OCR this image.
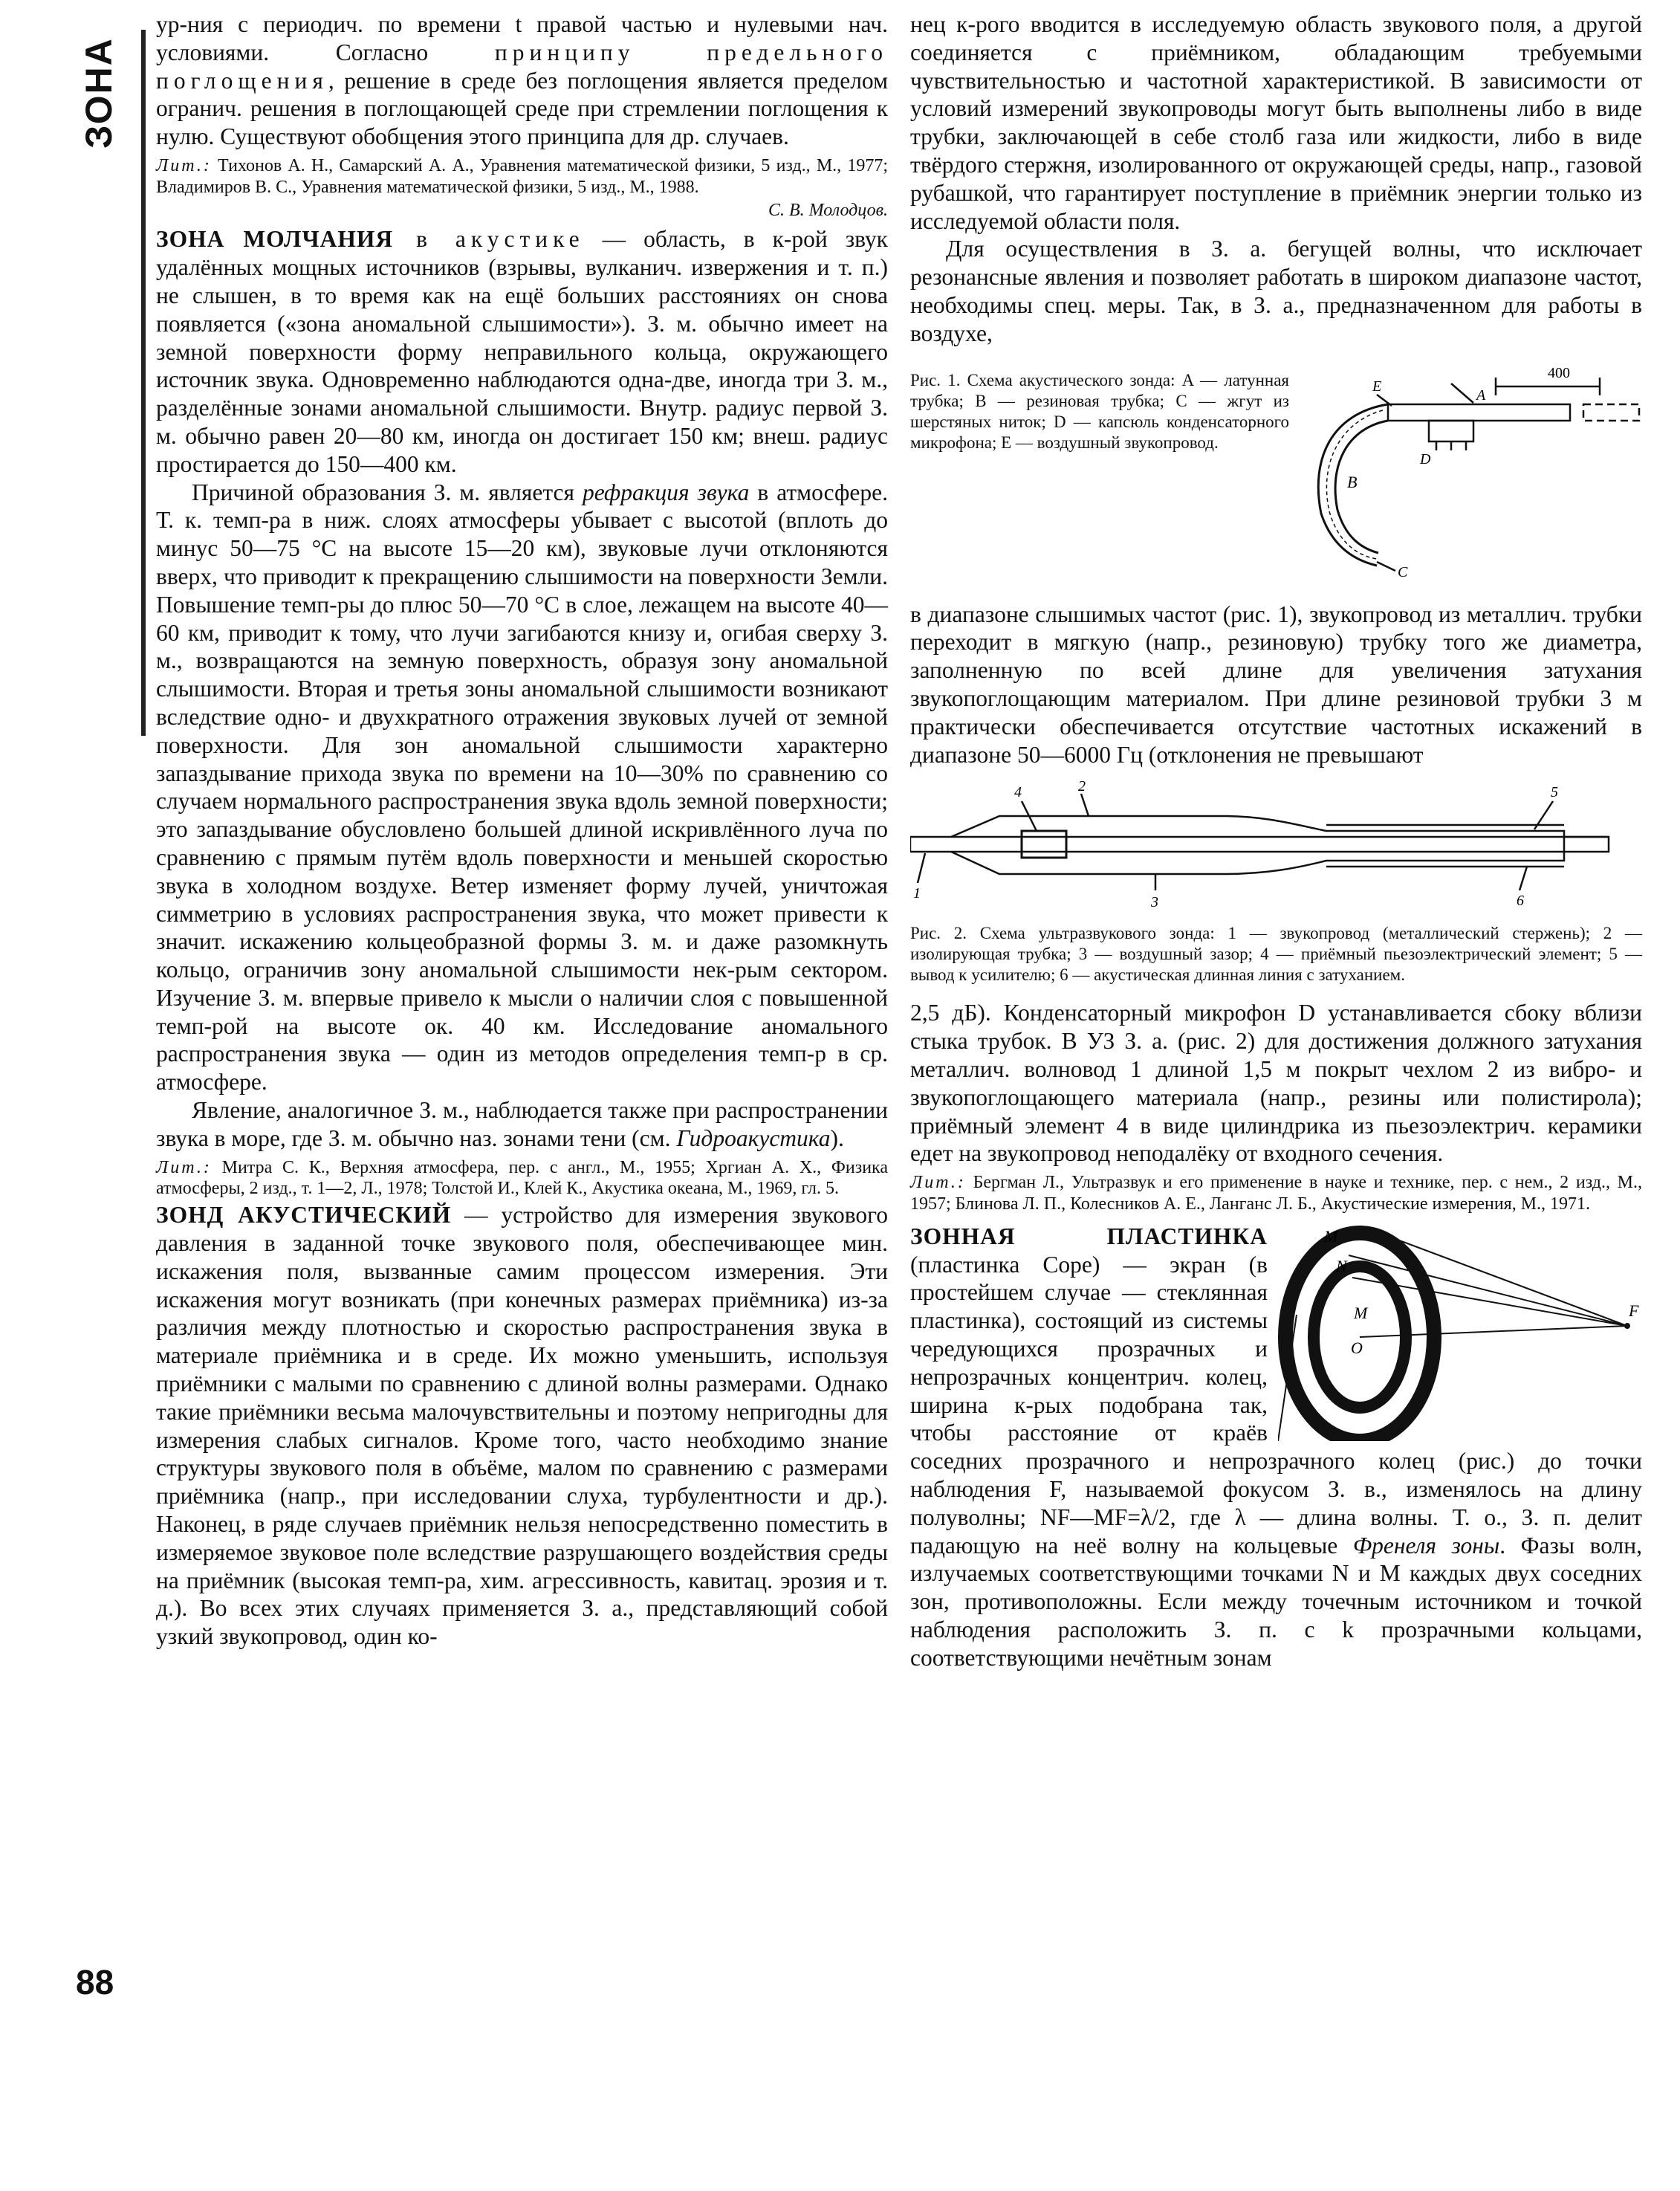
ЗОНА
88

ур-ния с периодич. по времени t правой частью и нулевыми нач. условиями. Согласно принципу предельного поглощения, решение в среде без поглощения является пределом огранич. решения в поглощающей среде при стремлении поглощения к нулю. Существуют обобщения этого принципа для др. случаев.

Лит.: Тихонов А. Н., Самарский А. А., Уравнения математической физики, 5 изд., М., 1977; Владимиров В. С., Уравнения математической физики, 5 изд., М., 1988.

С. В. Молодцов.

ЗОНА МОЛЧАНИЯ в акустике — область, в к-рой звук удалённых мощных источников (взрывы, вулканич. извержения и т. п.) не слышен, в то время как на ещё больших расстояниях он снова появляется («зона аномальной слышимости»). З. м. обычно имеет на земной поверхности форму неправильного кольца, окружающего источник звука. Одновременно наблюдаются одна-две, иногда три З. м., разделённые зонами аномальной слышимости. Внутр. радиус первой З. м. обычно равен 20—80 км, иногда он достигает 150 км; внеш. радиус простирается до 150—400 км.

Причиной образования З. м. является рефракция звука в атмосфере. Т. к. темп-ра в ниж. слоях атмосферы убывает с высотой (вплоть до минус 50—75 °С на высоте 15—20 км), звуковые лучи отклоняются вверх, что приводит к прекращению слышимости на поверхности Земли. Повышение темп-ры до плюс 50—70 °С в слое, лежащем на высоте 40—60 км, приводит к тому, что лучи загибаются книзу и, огибая сверху З. м., возвращаются на земную поверхность, образуя зону аномальной слышимости. Вторая и третья зоны аномальной слышимости возникают вследствие одно- и двухкратного отражения звуковых лучей от земной поверхности. Для зон аномальной слышимости характерно запаздывание прихода звука по времени на 10—30% по сравнению со случаем нормального распространения звука вдоль земной поверхности; это запаздывание обусловлено большей длиной искривлённого луча по сравнению с прямым путём вдоль поверхности и меньшей скоростью звука в холодном воздухе. Ветер изменяет форму лучей, уничтожая симметрию в условиях распространения звука, что может привести к значит. искажению кольцеобразной формы З. м. и даже разомкнуть кольцо, ограничив зону аномальной слышимости нек-рым сектором. Изучение З. м. впервые привело к мысли о наличии слоя с повышенной темп-рой на высоте ок. 40 км. Исследование аномального распространения звука — один из методов определения темп-р в ср. атмосфере.

Явление, аналогичное З. м., наблюдается также при распространении звука в море, где З. м. обычно наз. зонами тени (см. Гидроакустика).

Лит.: Митра С. К., Верхняя атмосфера, пер. с англ., М., 1955; Хргиан А. Х., Физика атмосферы, 2 изд., т. 1—2, Л., 1978; Толстой И., Клей К., Акустика океана, М., 1969, гл. 5.

ЗОНД АКУСТИЧЕСКИЙ — устройство для измерения звукового давления в заданной точке звукового поля, обеспечивающее мин. искажения поля, вызванные самим процессом измерения. Эти искажения могут возникать (при конечных размерах приёмника) из-за различия между плотностью и скоростью распространения звука в материале приёмника и в среде. Их можно уменьшить, используя приёмники с малыми по сравнению с длиной волны размерами. Однако такие приёмники весьма малочувствительны и поэтому непригодны для измерения слабых сигналов. Кроме того, часто необходимо знание структуры звукового поля в объёме, малом по сравнению с размерами приёмника (напр., при исследовании слуха, турбулентности и др.). Наконец, в ряде случаев приёмник нельзя непосредственно поместить в измеряемое звуковое поле вследствие разрушающего воздействия среды на приёмник (высокая темп-ра, хим. агрессивность, кавитац. эрозия и т. д.). Во всех этих случаях применяется З. а., представляющий собой узкий звукопровод, один ко-

нец к-рого вводится в исследуемую область звукового поля, а другой соединяется с приёмником, обладающим требуемыми чувствительностью и частотной характеристикой. В зависимости от условий измерений звукопроводы могут быть выполнены либо в виде трубки, заключающей в себе столб газа или жидкости, либо в виде твёрдого стержня, изолированного от окружающей среды, напр., газовой рубашкой, что гарантирует поступление в приёмник энергии только из исследуемой области поля.

Для осуществления в З. а. бегущей волны, что исключает резонансные явления и позволяет работать в широком диапазоне частот, необходимы спец. меры. Так, в З. а., предназначенном для работы в воздухе,

Рис. 1. Схема акустического зонда: A — латунная трубка; B — резиновая трубка; C — жгут из шерстяных ниток; D — капсюль конденсаторного микрофона; E — воздушный звукопровод.

400
E
A
D
B
C

в диапазоне слышимых частот (рис. 1), звукопровод из металлич. трубки переходит в мягкую (напр., резиновую) трубку того же диаметра, заполненную по всей длине для увеличения затухания звукопоглощающим материалом. При длине резиновой трубки 3 м практически обеспечивается отсутствие частотных искажений в диапазоне 50—6000 Гц (отклонения не превышают

4	2	5
1
3	6

Рис. 2. Схема ультразвукового зонда: 1 — звукопровод (металлический стержень); 2 — изолирующая трубка; 3 — воздушный зазор; 4 — приёмный пьезоэлектрический элемент; 5 — вывод к усилителю; 6 — акустическая длинная линия с затуханием.

2,5 дБ). Конденсаторный микрофон D устанавливается сбоку вблизи стыка трубок. В УЗ З. а. (рис. 2) для достижения должного затухания металлич. волновод 1 длиной 1,5 м покрыт чехлом 2 из вибро- и звукопоглощающего материала (напр., резины или полистирола); приёмный элемент 4 в виде цилиндрика из пьезоэлектрич. керамики едет на звукопровод неподалёку от входного сечения.

Лит.: Бергман Л., Ультразвук и его применение в науке и технике, пер. с нем., 2 изд., М., 1957; Блинова Л. П., Колесников А. Е., Ланганс Л. Б., Акустические измерения, М., 1971.

M
N
M
O
F

ЗОННАЯ ПЛАСТИНКА (пластинка Соре) — экран (в простейшем случае — стеклянная пластинка), состоящий из системы чередующихся прозрачных и непрозрачных концентрич. колец, ширина к-рых подобрана так, чтобы расстояние от краёв соседних прозрачного и непрозрачного колец (рис.) до точки наблюдения F, называемой фокусом З. в., изменялось на длину полуволны; NF—MF=λ/2, где λ — длина волны. Т. о., З. п. делит падающую на неё волну на кольцевые Френеля зоны. Фазы волн, излучаемых соответствующими точками N и M каждых двух соседних зон, противоположны. Если между точечным источником и точкой наблюдения расположить З. п. с k прозрачными кольцами, соответствующими нечётным зонам
